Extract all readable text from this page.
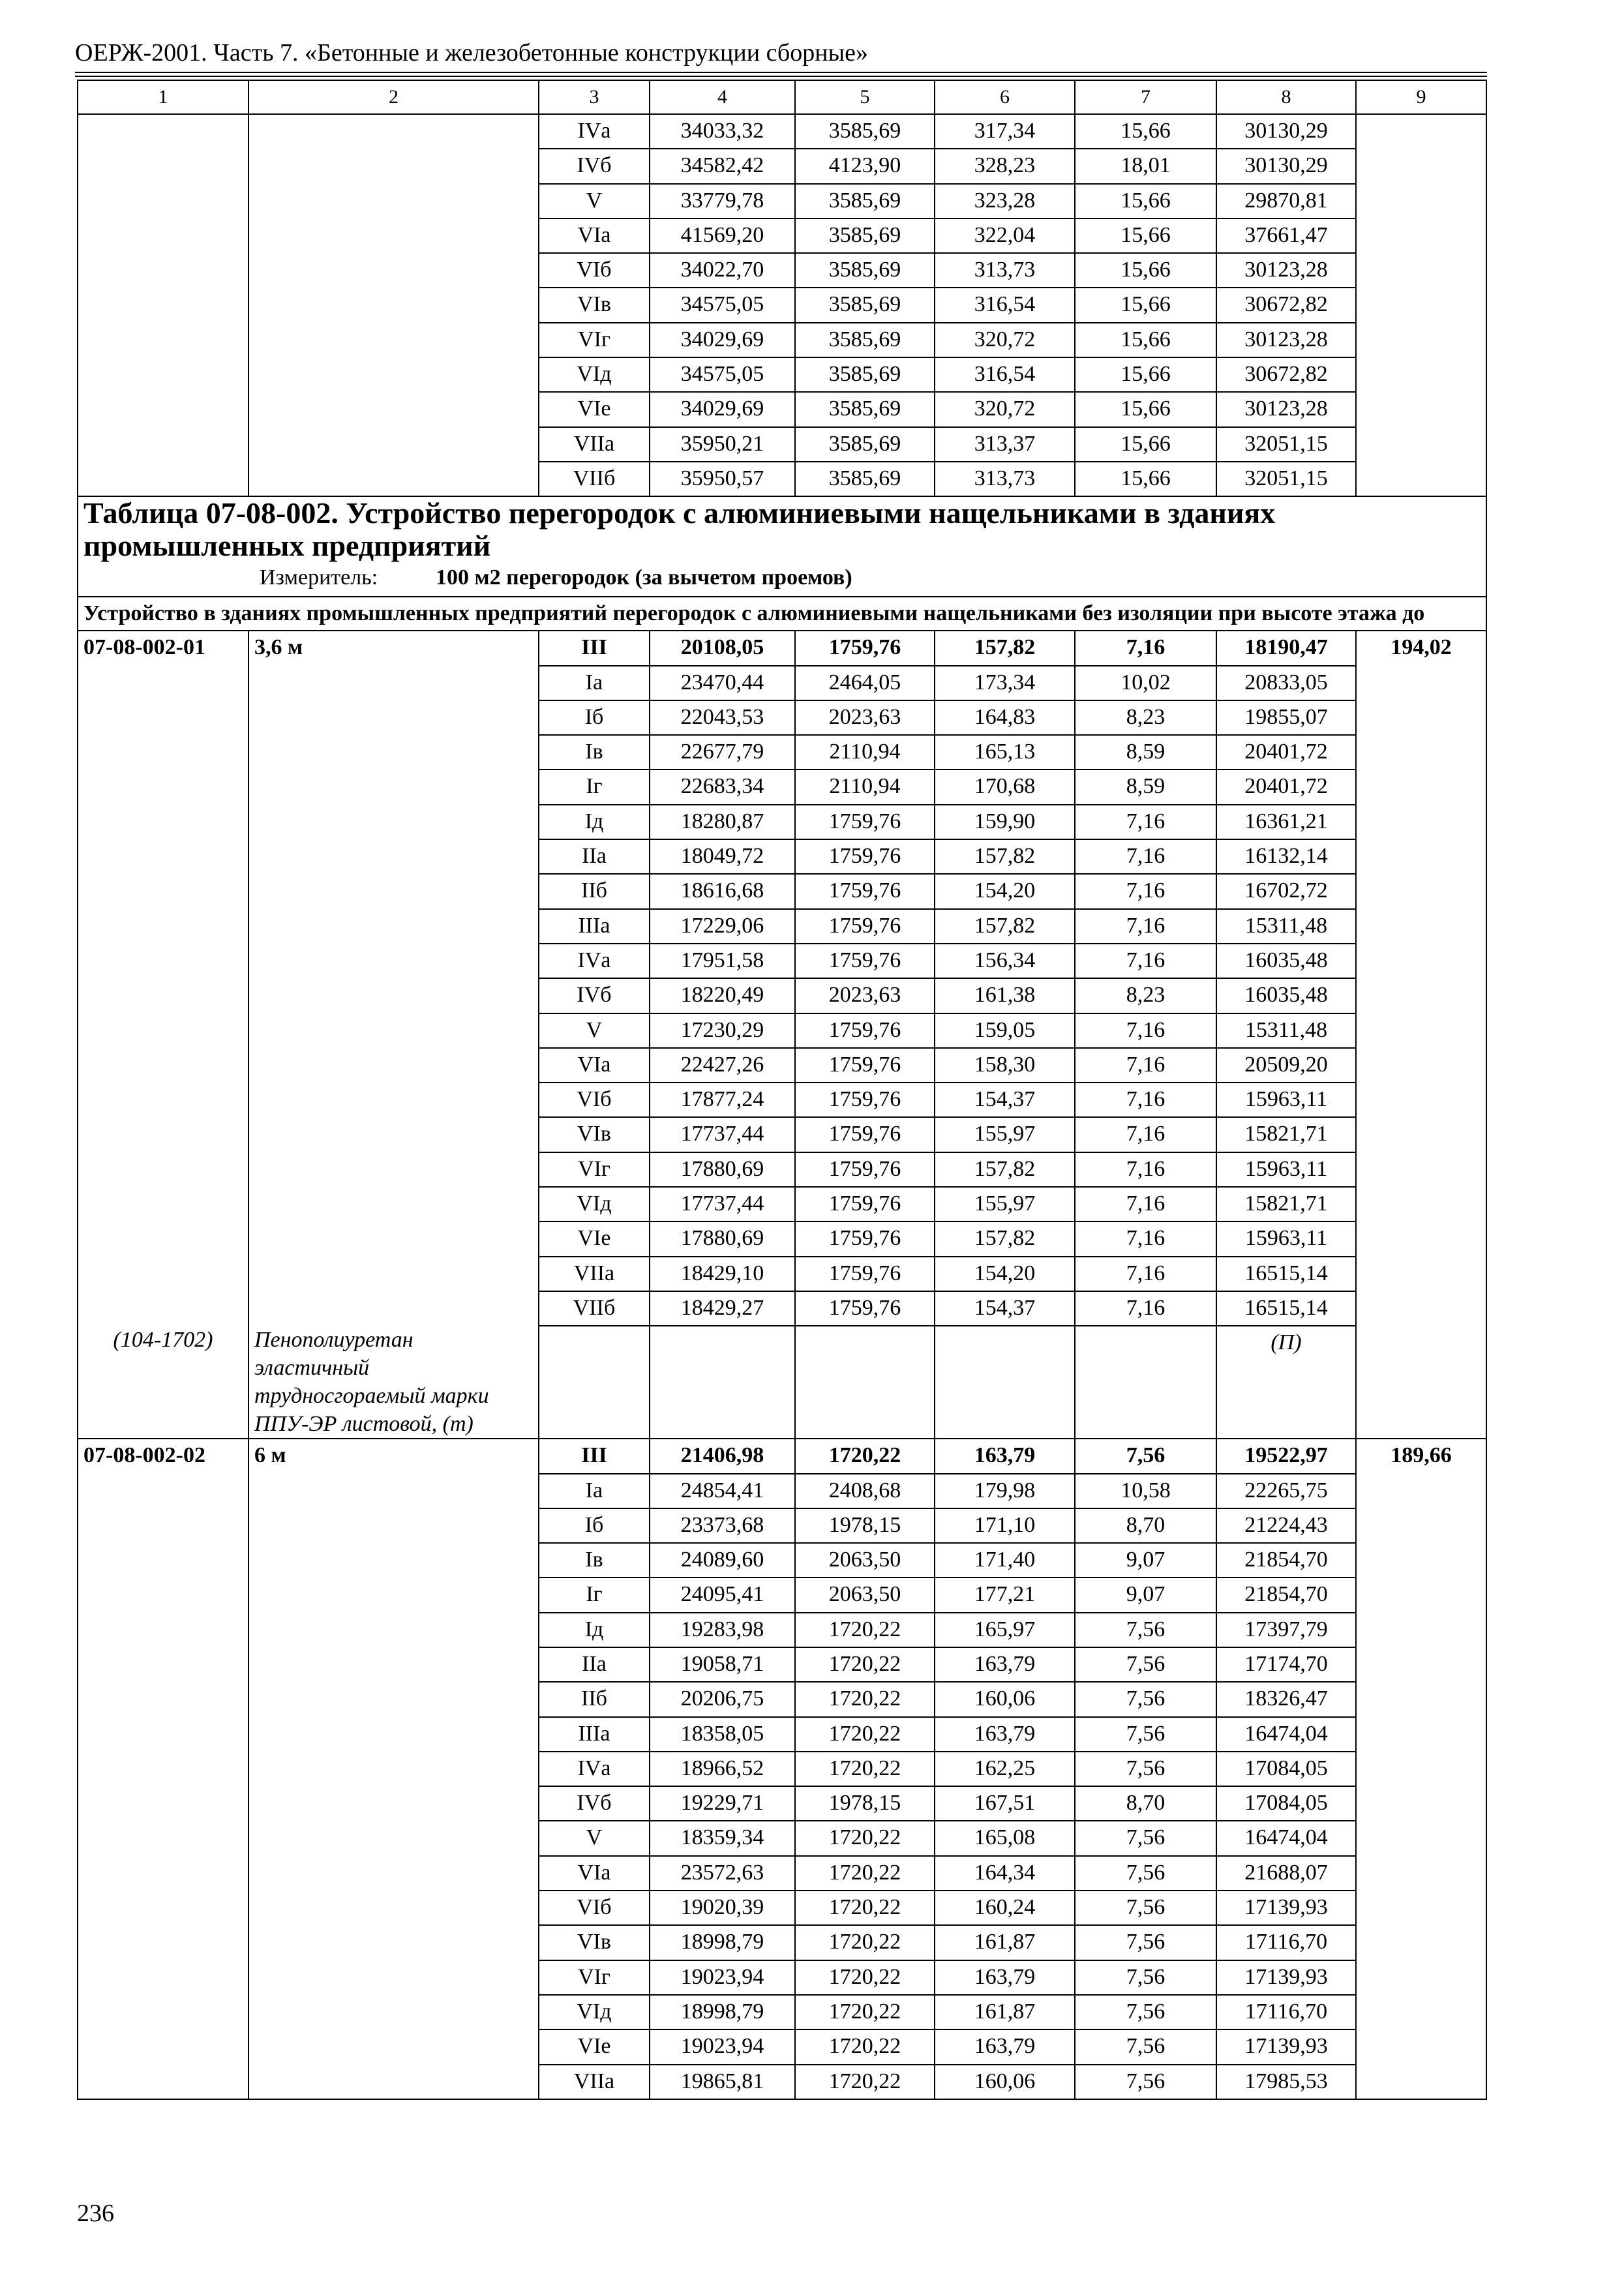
ОЕРЖ-2001. Часть 7. «Бетонные и железобетонные конструкции сборные»
1	2	3	4	5	6	7	8	9
		IVа	34033,32	3585,69	317,34	15,66	30130,29	
		IVб	34582,42	4123,90	328,23	18,01	30130,29	
		V	33779,78	3585,69	323,28	15,66	29870,81	
		VIа	41569,20	3585,69	322,04	15,66	37661,47	
		VIб	34022,70	3585,69	313,73	15,66	30123,28	
		VIв	34575,05	3585,69	316,54	15,66	30672,82	
		VIг	34029,69	3585,69	320,72	15,66	30123,28	
		VIд	34575,05	3585,69	316,54	15,66	30672,82	
		VIе	34029,69	3585,69	320,72	15,66	30123,28	
		VIIа	35950,21	3585,69	313,37	15,66	32051,15	
		VIIб	35950,57	3585,69	313,73	15,66	32051,15	

Таблица 07-08-002. Устройство перегородок с алюминиевыми нащельниками в зданиях промышленных предприятий
Измеритель: 100 м2 перегородок (за вычетом проемов)								

Устройство в зданиях промышленных предприятий перегородок с алюминиевыми нащельниками без изоляции при высоте этажа до								
07-08-002-01	3,6 м	III	20108,05	1759,76	157,82	7,16	18190,47	194,02
		Iа	23470,44	2464,05	173,34	10,02	20833,05	
		Iб	22043,53	2023,63	164,83	8,23	19855,07	
		Iв	22677,79	2110,94	165,13	8,59	20401,72	
		Iг	22683,34	2110,94	170,68	8,59	20401,72	
		Iд	18280,87	1759,76	159,90	7,16	16361,21	
		IIа	18049,72	1759,76	157,82	7,16	16132,14	
		IIб	18616,68	1759,76	154,20	7,16	16702,72	
		IIIа	17229,06	1759,76	157,82	7,16	15311,48	
		IVа	17951,58	1759,76	156,34	7,16	16035,48	
		IVб	18220,49	2023,63	161,38	8,23	16035,48	
		V	17230,29	1759,76	159,05	7,16	15311,48	
		VIа	22427,26	1759,76	158,30	7,16	20509,20	
		VIб	17877,24	1759,76	154,37	7,16	15963,11	
		VIв	17737,44	1759,76	155,97	7,16	15821,71	
		VIг	17880,69	1759,76	157,82	7,16	15963,11	
		VIд	17737,44	1759,76	155,97	7,16	15821,71	
		VIе	17880,69	1759,76	157,82	7,16	15963,11	
		VIIа	18429,10	1759,76	154,20	7,16	16515,14	
		VIIб	18429,27	1759,76	154,37	7,16	16515,14	

(104-1702)	Пенополиуретан эластичный трудносгораемый марки ППУ-ЭР листовой, (т)						(П)	
07-08-002-02	6 м	III	21406,98	1720,22	163,79	7,56	19522,97	189,66
		Iа	24854,41	2408,68	179,98	10,58	22265,75	
		Iб	23373,68	1978,15	171,10	8,70	21224,43	
		Iв	24089,60	2063,50	171,40	9,07	21854,70	
		Iг	24095,41	2063,50	177,21	9,07	21854,70	
		Iд	19283,98	1720,22	165,97	7,56	17397,79	
		IIа	19058,71	1720,22	163,79	7,56	17174,70	
		IIб	20206,75	1720,22	160,06	7,56	18326,47	
		IIIа	18358,05	1720,22	163,79	7,56	16474,04	
		IVа	18966,52	1720,22	162,25	7,56	17084,05	
		IVб	19229,71	1978,15	167,51	8,70	17084,05	
		V	18359,34	1720,22	165,08	7,56	16474,04	
		VIа	23572,63	1720,22	164,34	7,56	21688,07	
		VIб	19020,39	1720,22	160,24	7,56	17139,93	
		VIв	18998,79	1720,22	161,87	7,56	17116,70	
		VIг	19023,94	1720,22	163,79	7,56	17139,93	
		VIд	18998,79	1720,22	161,87	7,56	17116,70	
		VIе	19023,94	1720,22	163,79	7,56	17139,93	
		VIIа	19865,81	1720,22	160,06	7,56	17985,53	
236
